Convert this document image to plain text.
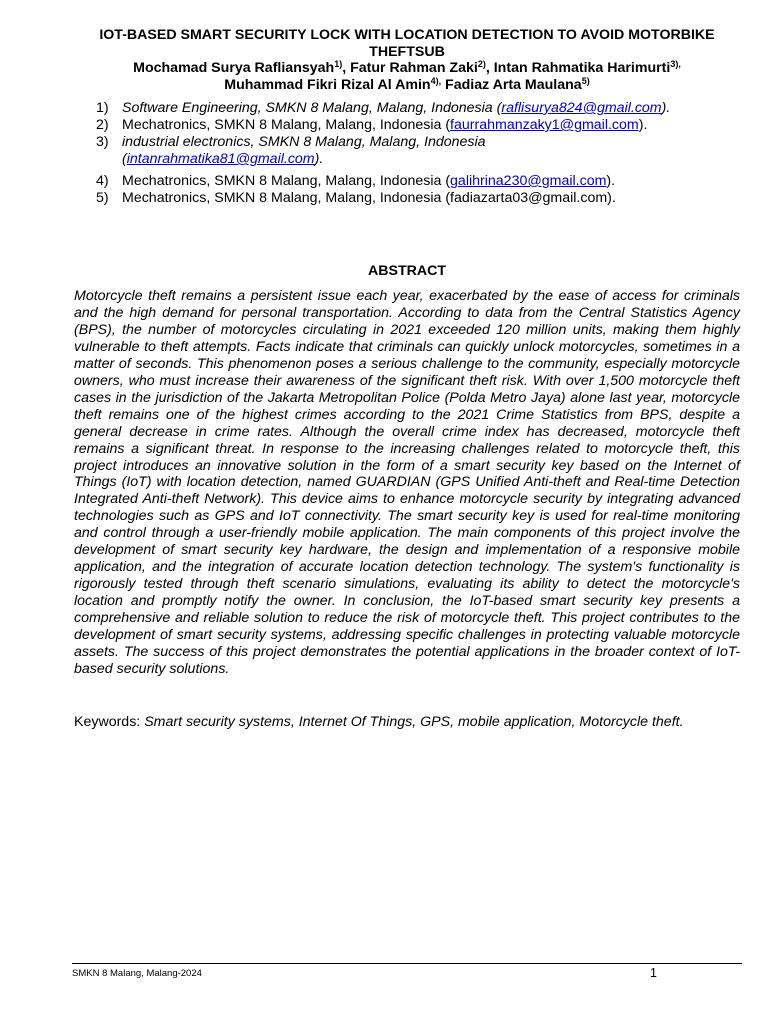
IOT-BASED SMART SECURITY LOCK WITH LOCATION DETECTION TO AVOID MOTORBIKE THEFTSUB
Mochamad Surya Rafliansyah$^{1)}$, Fatur Rahman Zaki$^{2)}$, Intan Rahmatika Harimurti$^{3),}$
Muhammad Fikri Rizal Al Amin$^{4),}$ Fadiaz Arta Maulana$^{5)}$
1) Software Engineering, SMKN 8 Malang, Malang, Indonesia (raflisurya824@gmail.com).
2) Mechatronics, SMKN 8 Malang, Malang, Indonesia (faurrahmanzaky1@gmail.com).
3) industrial electronics, SMKN 8 Malang, Malang, Indonesia
(intanrahmatika81@gmail.com).
4) Mechatronics, SMKN 8 Malang, Malang, Indonesia (galihrina230@gmail.com).
5) Mechatronics, SMKN 8 Malang, Malang, Indonesia (fadiazarta03@gmail.com).
ABSTRACT

Motorcycle theft remains a persistent issue each year, exacerbated by the ease of access for criminals and the high demand for personal transportation. According to data from the Central Statistics Agency (BPS), the number of motorcycles circulating in 2021 exceeded 120 million units, making them highly vulnerable to theft attempts. Facts indicate that criminals can quickly unlock motorcycles, sometimes in a matter of seconds. This phenomenon poses a serious challenge to the community, especially motorcycle owners, who must increase their awareness of the significant theft risk. With over 1,500 motorcycle theft cases in the jurisdiction of the Jakarta Metropolitan Police (Polda Metro Jaya) alone last year, motorcycle theft remains one of the highest crimes according to the 2021 Crime Statistics from BPS, despite a general decrease in crime rates. Although the overall crime index has decreased, motorcycle theft remains a significant threat. In response to the increasing challenges related to motorcycle theft, this project introduces an innovative solution in the form of a smart security key based on the Internet of Things (IoT) with location detection, named GUARDIAN (GPS Unified Anti-theft and Real-time Detection Integrated Anti-theft Network). This device aims to enhance motorcycle security by integrating advanced technologies such as GPS and IoT connectivity. The smart security key is used for real-time monitoring and control through a user-friendly mobile application. The main components of this project involve the development of smart security key hardware, the design and implementation of a responsive mobile application, and the integration of accurate location detection technology. The system's functionality is rigorously tested through theft scenario simulations, evaluating its ability to detect the motorcycle's location and promptly notify the owner. In conclusion, the IoT-based smart security key presents a comprehensive and reliable solution to reduce the risk of motorcycle theft. This project contributes to the development of smart security systems, addressing specific challenges in protecting valuable motorcycle assets. The success of this project demonstrates the potential applications in the broader context of IoT-based security solutions.

Keywords: Smart security systems, Internet Of Things, GPS, mobile application, Motorcycle theft.
SMKN 8 Malang, Malang-2024	1
